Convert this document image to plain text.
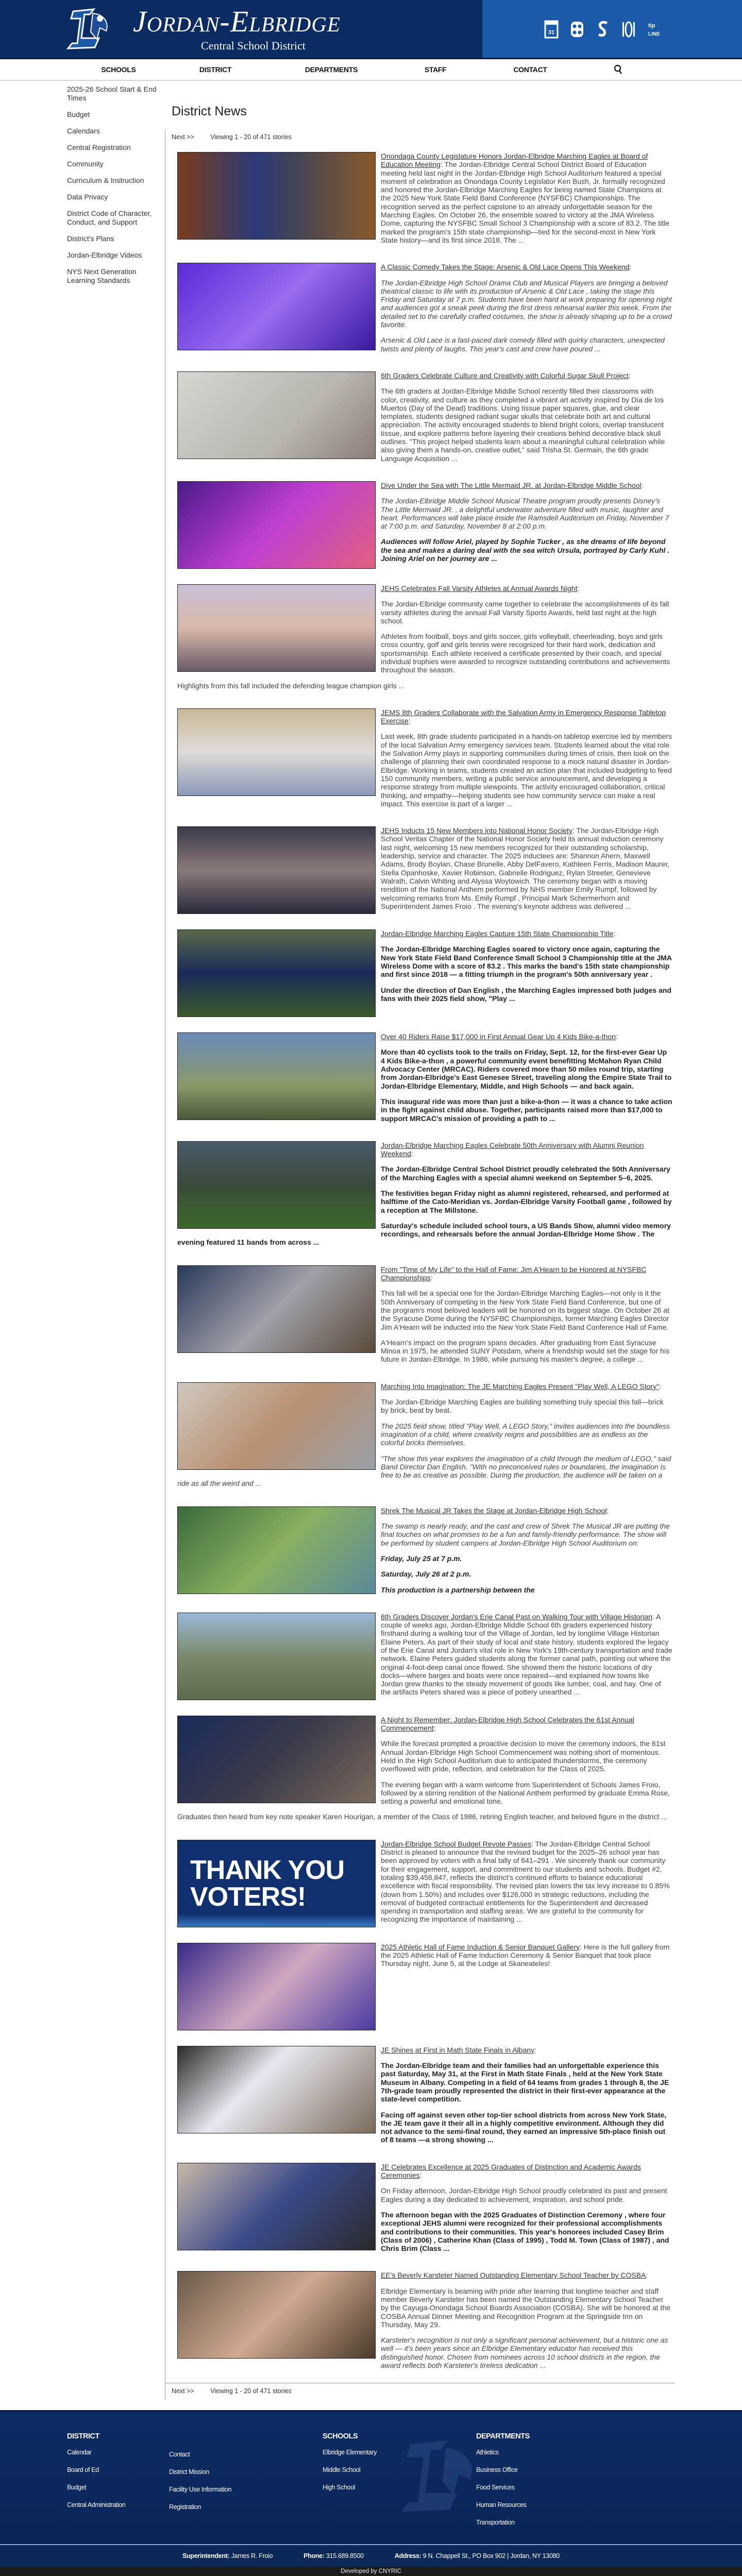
Jordan-Elbridge
Central School District
31
tip
LINE
SCHOOLS	DISTRICT	DEPARTMENTS	STAFF	CONTACT
2025-26 School Start & End Times
Budget
Calendars
Central Registration
Community
Curriculum & Instruction
Data Privacy
District Code of Character, Conduct, and Support
District's Plans
Jordan-Elbridge Videos
NYS Next Generation Learning Standards
District News
Next >>	Viewing 1 - 20 of 471 stories

Onondaga County Legislature Honors Jordan-Elbridge Marching Eagles at Board of Education Meeting: The Jordan-Elbridge Central School District Board of Education meeting held last night in the Jordan-Elbridge High School Auditorium featured a special moment of celebration as Onondaga County Legislator Ken Bush, Jr. formally recognized and honored the Jordan-Elbridge Marching Eagles for being named State Champions at the 2025 New York State Field Band Conference (NYSFBC) Championships. The recognition served as the perfect capstone to an already unforgettable season for the Marching Eagles. On October 26, the ensemble soared to victory at the JMA Wireless Dome, capturing the NYSFBC Small School 3 Championship with a score of 83.2. The title marked the program's 15th state championship—tied for the second-most in New York State history—and its first since 2018. The ...

A Classic Comedy Takes the Stage: Arsenic & Old Lace Opens This Weekend:

The Jordan-Elbridge High School Drama Club and Musical Players are bringing a beloved theatrical classic to life with its production of Arsenic & Old Lace , taking the stage this Friday and Saturday at 7 p.m. Students have been hard at work preparing for opening night and audiences got a sneak peek during the first dress rehearsal earlier this week. From the detailed set to the carefully crafted costumes, the show is already shaping up to be a crowd favorite.

Arsenic & Old Lace is a fast-paced dark comedy filled with quirky characters, unexpected twists and plenty of laughs. This year's cast and crew have poured ...

6th Graders Celebrate Culture and Creativity with Colorful Sugar Skull Project:

The 6th graders at Jordan-Elbridge Middle School recently filled their classrooms with color, creativity, and culture as they completed a vibrant art activity inspired by Día de los Muertos (Day of the Dead) traditions. Using tissue paper squares, glue, and clear templates, students designed radiant sugar skulls that celebrate both art and cultural appreciation. The activity encouraged students to blend bright colors, overlap translucent tissue, and explore patterns before layering their creations behind decorative black skull outlines. "This project helped students learn about a meaningful cultural celebration while also giving them a hands-on, creative outlet," said Trisha St. Germain, the 6th grade Language Acquisition ...

Dive Under the Sea with The Little Mermaid JR. at Jordan-Elbridge Middle School:

The Jordan-Elbridge Middle School Musical Theatre program proudly presents Disney's The Little Mermaid JR. , a delightful underwater adventure filled with music, laughter and heart. Performances will take place inside the Ramsdell Auditorium on Friday, November 7 at 7:00 p.m. and Saturday, November 8 at 2:00 p.m.

Audiences will follow Ariel, played by Sophie Tucker , as she dreams of life beyond the sea and makes a daring deal with the sea witch Ursula, portrayed by Carly Kuhl . Joining Ariel on her journey are ...

JEHS Celebrates Fall Varsity Athletes at Annual Awards Night:

The Jordan-Elbridge community came together to celebrate the accomplishments of its fall varsity athletes during the annual Fall Varsity Sports Awards, held last night at the high school.

Athletes from football, boys and girls soccer, girls volleyball, cheerleading, boys and girls cross country, golf and girls tennis were recognized for their hard work, dedication and sportsmanship. Each athlete received a certificate presented by their coach, and special individual trophies were awarded to recognize outstanding contributions and achievements throughout the season.

Highlights from this fall included the defending league champion girls ...

JEMS 8th Graders Collaborate with the Salvation Army in Emergency Response Tabletop Exercise:

Last week, 8th grade students participated in a hands-on tabletop exercise led by members of the local Salvation Army emergency services team. Students learned about the vital role the Salvation Army plays in supporting communities during times of crisis, then took on the challenge of planning their own coordinated response to a mock natural disaster in Jordan-Elbridge. Working in teams, students created an action plan that included budgeting to feed 150 community members, writing a public service announcement, and developing a response strategy from multiple viewpoints. The activity encouraged collaboration, critical thinking, and empathy—helping students see how community service can make a real impact. This exercise is part of a larger ...

JEHS Inducts 15 New Members into National Honor Society: The Jordan-Elbridge High School Veritas Chapter of the National Honor Society held its annual induction ceremony last night, welcoming 15 new members recognized for their outstanding scholarship, leadership, service and character. The 2025 inductees are: Shannon Ahern, Maxwell Adams, Brody Boylan, Chase Brunelle, Abby DelFavero, Kathleen Ferris, Madison Maurer, Stella Opanhoske, Xavier Robinson, Gabrielle Rodriguez, Rylan Streeter, Genevieve Walrath, Calvin Whiting and Alyssa Woytowich. The ceremony began with a moving rendition of the National Anthem performed by NHS member Emily Rumpf, followed by welcoming remarks from Ms. Emily Rumpf , Principal Mark Schermerhorn and Superintendent James Froio . The evening's keynote address was delivered ...

Jordan-Elbridge Marching Eagles Capture 15th State Championship Title:

The Jordan-Elbridge Marching Eagles soared to victory once again, capturing the New York State Field Band Conference Small School 3 Championship title at the JMA Wireless Dome with a score of 83.2 . This marks the band's 15th state championship and first since 2018 — a fitting triumph in the program's 50th anniversary year .

Under the direction of Dan English , the Marching Eagles impressed both judges and fans with their 2025 field show, "Play ...

Over 40 Riders Raise $17,000 in First Annual Gear Up 4 Kids Bike-a-thon:

More than 40 cyclists took to the trails on Friday, Sept. 12, for the first-ever Gear Up 4 Kids Bike-a-thon , a powerful community event benefitting McMahon Ryan Child Advocacy Center (MRCAC). Riders covered more than 50 miles round trip, starting from Jordan-Elbridge's East Genesee Street, traveling along the Empire State Trail to Jordan-Elbridge Elementary, Middle, and High Schools — and back again.

This inaugural ride was more than just a bike-a-thon — it was a chance to take action in the fight against child abuse. Together, participants raised more than $17,000 to support MRCAC's mission of providing a path to ...

Jordan-Elbridge Marching Eagles Celebrate 50th Anniversary with Alumni Reunion Weekend:

The Jordan-Elbridge Central School District proudly celebrated the 50th Anniversary of the Marching Eagles with a special alumni weekend on September 5–6, 2025.

The festivities began Friday night as alumni registered, rehearsed, and performed at halftime of the Cato-Meridian vs. Jordan-Elbridge Varsity Football game , followed by a reception at The Millstone.

Saturday's schedule included school tours, a US Bands Show, alumni video memory recordings, and rehearsals before the annual Jordan-Elbridge Home Show . The evening featured 11 bands from across ...

From "Time of My Life" to the Hall of Fame: Jim A'Hearn to be Honored at NYSFBC Championships:

This fall will be a special one for the Jordan-Elbridge Marching Eagles—not only is it the 50th Anniversary of competing in the New York State Field Band Conference, but one of the program's most beloved leaders will be honored on its biggest stage. On October 26 at the Syracuse Dome during the NYSFBC Championships, former Marching Eagles Director Jim A'Hearn will be inducted into the New York State Field Band Conference Hall of Fame.

A'Hearn's impact on the program spans decades. After graduating from East Syracuse Minoa in 1975, he attended SUNY Potsdam, where a friendship would set the stage for his future in Jordan-Elbridge. In 1986, while pursuing his master's degree, a college ...

Marching Into Imagination: The JE Marching Eagles Present "Play Well, A LEGO Story":

The Jordan-Elbridge Marching Eagles are building something truly special this fall—brick by brick, beat by beat.

The 2025 field show, titled "Play Well, A LEGO Story," invites audiences into the boundless imagination of a child, where creativity reigns and possibilities are as endless as the colorful bricks themselves.

"The show this year explores the imagination of a child through the medium of LEGO," said Band Director Dan English. "With no preconceived rules or boundaries, the imagination is free to be as creative as possible. During the production, the audience will be taken on a ride as all the weird and ...

Shrek The Musical JR Takes the Stage at Jordan-Elbridge High School:

The swamp is nearly ready, and the cast and crew of Shrek The Musical JR are putting the final touches on what promises to be a fun and family-friendly performance. The show will be performed by student campers at Jordan-Elbridge High School Auditorium on:

Friday, July 25 at 7 p.m.

Saturday, July 26 at 2 p.m.

This production is a partnership between the

6th Graders Discover Jordan's Erie Canal Past on Walking Tour with Village Historian: A couple of weeks ago, Jordan-Elbridge Middle School 6th graders experienced history firsthand during a walking tour of the Village of Jordan, led by longtime Village Historian Elaine Peters. As part of their study of local and state history, students explored the legacy of the Erie Canal and Jordan's vital role in New York's 19th-century transportation and trade network. Elaine Peters guided students along the former canal path, pointing out where the original 4-foot-deep canal once flowed. She showed them the historic locations of dry docks—where barges and boats were once repaired—and explained how towns like Jordan grew thanks to the steady movement of goods like lumber, coal, and hay. One of the artifacts Peters shared was a piece of pottery unearthed ...

A Night to Remember: Jordan-Elbridge High School Celebrates the 61st Annual Commencement:

While the forecast prompted a proactive decision to move the ceremony indoors, the 61st Annual Jordan-Elbridge High School Commencement was nothing short of momentous. Held in the High School Auditorium due to anticipated thunderstorms, the ceremony overflowed with pride, reflection, and celebration for the Class of 2025.

The evening began with a warm welcome from Superintendent of Schools James Froio, followed by a stirring rendition of the National Anthem performed by graduate Emma Rose, setting a powerful and emotional tone.

Graduates then heard from key note speaker Karen Hourigan, a member of the Class of 1986, retiring English teacher, and beloved figure in the district ...

THANK YOU VOTERS!

Jordan-Elbridge School Budget Revote Passes: The Jordan-Elbridge Central School District is pleased to announce that the revised budget for the 2025–26 school year has been approved by voters with a final tally of 641–291 . We sincerely thank our community for their engagement, support, and commitment to our students and schools. Budget #2, totaling $39,458,847, reflects the district's continued efforts to balance educational excellence with fiscal responsibility. The revised plan lowers the tax levy increase to 0.85% (down from 1.50%) and includes over $126,000 in strategic reductions, including the removal of budgeted contractual entitlements for the Superintendent and decreased spending in transportation and staffing areas. We are grateful to the community for recognizing the importance of maintaining ...

2025 Athletic Hall of Fame Induction & Senior Banquet Gallery: Here is the full gallery from the 2025 Athletic Hall of Fame Induction Ceremony & Senior Banquet that took place Thursday night, June 5, at the Lodge at Skaneateles!

JE Shines at First in Math State Finals in Albany:

The Jordan-Elbridge team and their families had an unforgettable experience this past Saturday, May 31, at the First in Math State Finals , held at the New York State Museum in Albany. Competing in a field of 64 teams from grades 1 through 8, the JE 7th-grade team proudly represented the district in their first-ever appearance at the state-level competition.

Facing off against seven other top-tier school districts from across New York State, the JE team gave it their all in a highly competitive environment. Although they did not advance to the semi-final round, they earned an impressive 5th-place finish out of 8 teams —a strong showing ...

JE Celebrates Excellence at 2025 Graduates of Distinction and Academic Awards Ceremonies:

On Friday afternoon, Jordan-Elbridge High School proudly celebrated its past and present Eagles during a day dedicated to achievement, inspiration, and school pride.

The afternoon began with the 2025 Graduates of Distinction Ceremony , where four exceptional JEHS alumni were recognized for their professional accomplishments and contributions to their communities. This year's honorees included Casey Brim (Class of 2006) , Catherine Khan (Class of 1995) , Todd M. Town (Class of 1987) , and Chris Brim (Class ...

EE's Beverly Karsteter Named Outstanding Elementary School Teacher by COSBA:

Elbridge Elementary is beaming with pride after learning that longtime teacher and staff member Beverly Karsteter has been named the Outstanding Elementary School Teacher by the Cayuga-Onondaga School Boards Association (COSBA). She will be honored at the COSBA Annual Dinner Meeting and Recognition Program at the Springside Inn on Thursday, May 29.

Karsteter's recognition is not only a significant personal achievement, but a historic one as well — it's been years since an Elbridge Elementary educator has received this distinguished honor. Chosen from nominees across 10 school districts in the region, the award reflects both Karsteter's tireless dedication ...

Next >>	Viewing 1 - 20 of 471 stories
DISTRICT
Calendar
Board of Ed
Budget
Central Administration
Contact
District Mission
Facility Use Information
Registration
SCHOOLS
Elbridge Elementary
Middle School
High School
DEPARTMENTS
Athletics
Business Office
Food Services
Human Resources
Transportation
Superintendent: James R. Froio	Phone: 315.689.8500	Address: 9 N. Chappell St., PO Box 902 | Jordan, NY 13080
Developed by CNYRIC
